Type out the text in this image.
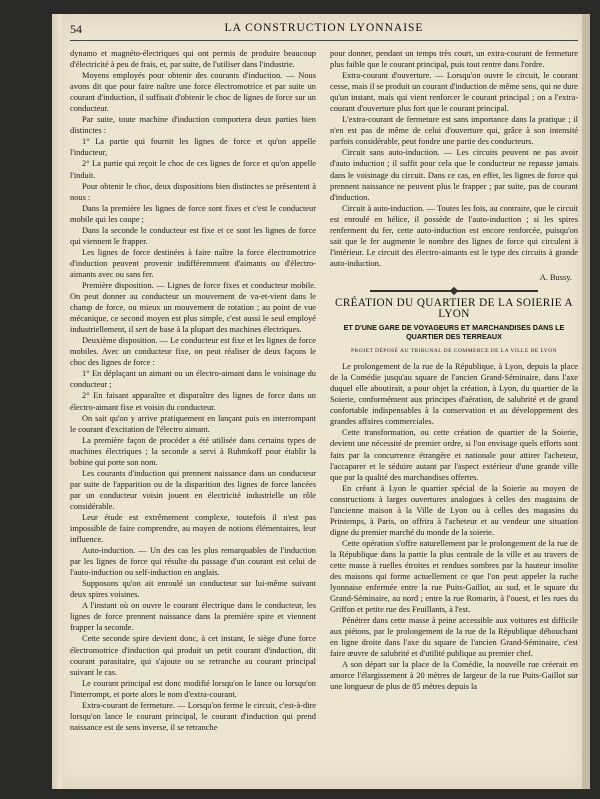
54	LA CONSTRUCTION LYONNAISE

dynamo et magnéto-électriques qui ont permis de produire beaucoup d'électricité à peu de frais, et, par suite, de l'utiliser dans l'industrie.

Moyens employés pour obtenir des courants d'induction. — Nous avons dit que pour faire naître une force électromotrice et par suite un courant d'induction, il suffisait d'obtenir le choc de lignes de force sur un conducteur.

Par suite, toute machine d'induction comportera deux parties bien distinctes :

1° La partie qui fournit les lignes de force et qu'on appelle l'inducteur,

2° La partie qui reçoit le choc de ces lignes de force et qu'on appelle l'induit.

Pour obtenir le choc, deux dispositions bien distinctes se présentent à nous :

Dans la première les lignes de force sont fixes et c'est le conducteur mobile qui les coupe ;

Dans la seconde le conducteur est fixe et ce sont les lignes de force qui viennent le frapper.

Les lignes de force destinées à faire naître la force électromotrice d'induction peuvent provenir indifféremment d'aimants ou d'électro-aimants avec ou sans fer.

Première disposition. — Lignes de force fixes et conducteur mobile. On peut donner au conducteur un mouvement de va-et-vient dans le champ de force, ou mieux un mouvement de rotation ; au point de vue mécanique, ce second moyen est plus simple, c'est aussi le seul employé industriellement, il sert de base à la plupart des machines électriques.

Deuxième disposition. — Le conducteur est fixe et les lignes de force mobiles. Avec un conducteur fixe, on peut réaliser de deux façons le choc des lignes de force :

1° En déplaçant un aimant ou un électro-aimant dans le voisinage du conducteur ;

2° En faisant apparaître et disparaître des lignes de force dans un électro-aimant fixe et voisin du conducteur.

On sait qu'on y arrive pratiquement en lançant puis en interrompant le courant d'excitation de l'électro aimant.

La première façon de procéder a été utilisée dans certains types de machines électriques ; la seconde a servi à Ruhmkoff pour établir la bobine qui porte son nom.

Les courants d'induction qui prennent naissance dans un conducteur par suite de l'apparition ou de la disparition des lignes de force lancées par un conducteur voisin jouent en électricité industrielle un rôle considérable.

Leur étude est extrêmement complexe, toutefois il n'est pas impossible de faire comprendre, au moyen de notions élémentaires, leur influence.

Auto-induction. — Un des cas les plus remarquables de l'induction par les lignes de force qui résulte du passage d'un courant est celui de l'auto-induction ou self-induction en anglais.

Supposons qu'on ait enroulé un conducteur sur lui-même suivant deux spires voisines.

A l'instant où on ouvre le courant électrique dans le conducteur, les lignes de force prennent naissance dans la première spire et viennent frapper la seconde.

Cette seconde spire devient donc, à cet instant, le siège d'une force électromotrice d'induction qui produit un petit courant d'induction, dit courant parasitaire, qui s'ajoute ou se retranche au courant principal suivant le cas.

Le courant principal est donc modifié lorsqu'on le lance ou lorsqu'on l'interrompt, et porte alors le nom d'extra-courant.

Extra-courant de fermeture. — Lorsqu'on ferme le circuit, c'est-à-dire lorsqu'on lance le courant principal, le courant d'induction qui prend naissance est de sens inverse, il se retranche

pour donner, pendant un temps très court, un extra-courant de fermeture plus faible que le courant principal, puis tout rentre dans l'ordre.

Extra-courant d'ouverture. — Lorsqu'on ouvre le circuit, le courant cesse, mais il se produit un courant d'induction de même sens, qui ne dure qu'un instant, mais qui vient renforcer le courant principal ; on a l'extra-courant d'ouverture plus fort que le courant principal.

L'extra-courant de fermeture est sans importance dans la pratique ; il n'en est pas de même de celui d'ouverture qui, grâce à son intensité parfois considérable, peut fondre une partie des conducteurs.

Circuit sans auto-induction. — Les circuits peuvent ne pas avoir d'auto induction ; il suffit pour cela que le conducteur ne repasse jamais dans le voisinage du circuit. Dans ce cas, en effet, les lignes de force qui prennent naissance ne peuvent plus le frapper ; par suite, pas de courant d'induction.

Circuit à auto-induction. — Toutes les fois, au contraire, que le circuit est enroulé en hélice, il possède de l'auto-induction ; si les spires renferment du fer, cette auto-induction est encore renforcée, puisqu'on sait que le fer augmente le nombre des lignes de force qui circulent à l'intérieur. Le circuit des électro-aimants est le type des circuits à grande auto-induction.

A. Bussy.

CRÉATION DU QUARTIER DE LA SOIERIE A LYON
ET D'UNE GARE DE VOYAGEURS ET MARCHANDISES DANS LE
QUARTIER DES TERREAUX
PROJET DÉPOSÉ AU TRIBUNAL DE COMMERCE DE LA VILLE DE LYON

Le prolongement de la rue de la République, à Lyon, depuis la place de la Comédie jusqu'au square de l'ancien Grand-Séminaire, dans l'axe duquel elle aboutirait, a pour objet la création, à Lyon, du quartier de la Soierie, conformément aux principes d'aération, de salubrité et de grand confortable indispensables à la conservation et au développement des grandes affaires commerciales.

Cette transformation, ou cette création de quartier de la Soierie, devient une nécessité de premier ordre, si l'on envisage quels efforts sont faits par la concurrence étrangère et nationale pour attirer l'acheteur, l'accaparer et le séduire autant par l'aspect extérieur d'une grande ville que par la qualité des marchandises offertes.

En créant à Lyon le quartier spécial de la Soierie au moyen de constructions à larges ouvertures analogues à celles des magasins de l'ancienne maison à la Ville de Lyon ou à celles des magasins du Printemps, à Paris, on offrira à l'acheteur et au vendeur une situation digne du premier marché du monde de la soierie.

Cette opération s'offre naturellement par le prolongement de la rue de la République dans la partie la plus centrale de la ville et au travers de cette masse à ruelles étroites et rendues sombres par la hauteur insolite des maisons qui forme actuellement ce que l'on peut appeler la ruche lyonnaise enfermée entre la rue Puits-Gaillot, au sud, et le square du Grand-Séminaire, au nord ; entre la rue Romarin, à l'ouest, et les rues du Griffon et petite rue des Feuillants, à l'est.

Pénétrer dans cette masse à peine accessible aux voitures est difficile aux piétons, par le prolongement de la rue de la République débouchant en ligne droite dans l'axe du square de l'ancien Grand-Séminaire, c'est faire œuvre de salubrité et d'utilité publique au premier chef.

A son départ sur la place de la Comédie, la nouvelle rue créerait en amorce l'élargissement à 20 mètres de largeur de la rue Puits-Gaillot sur une longueur de plus de 85 mètres depuis la
